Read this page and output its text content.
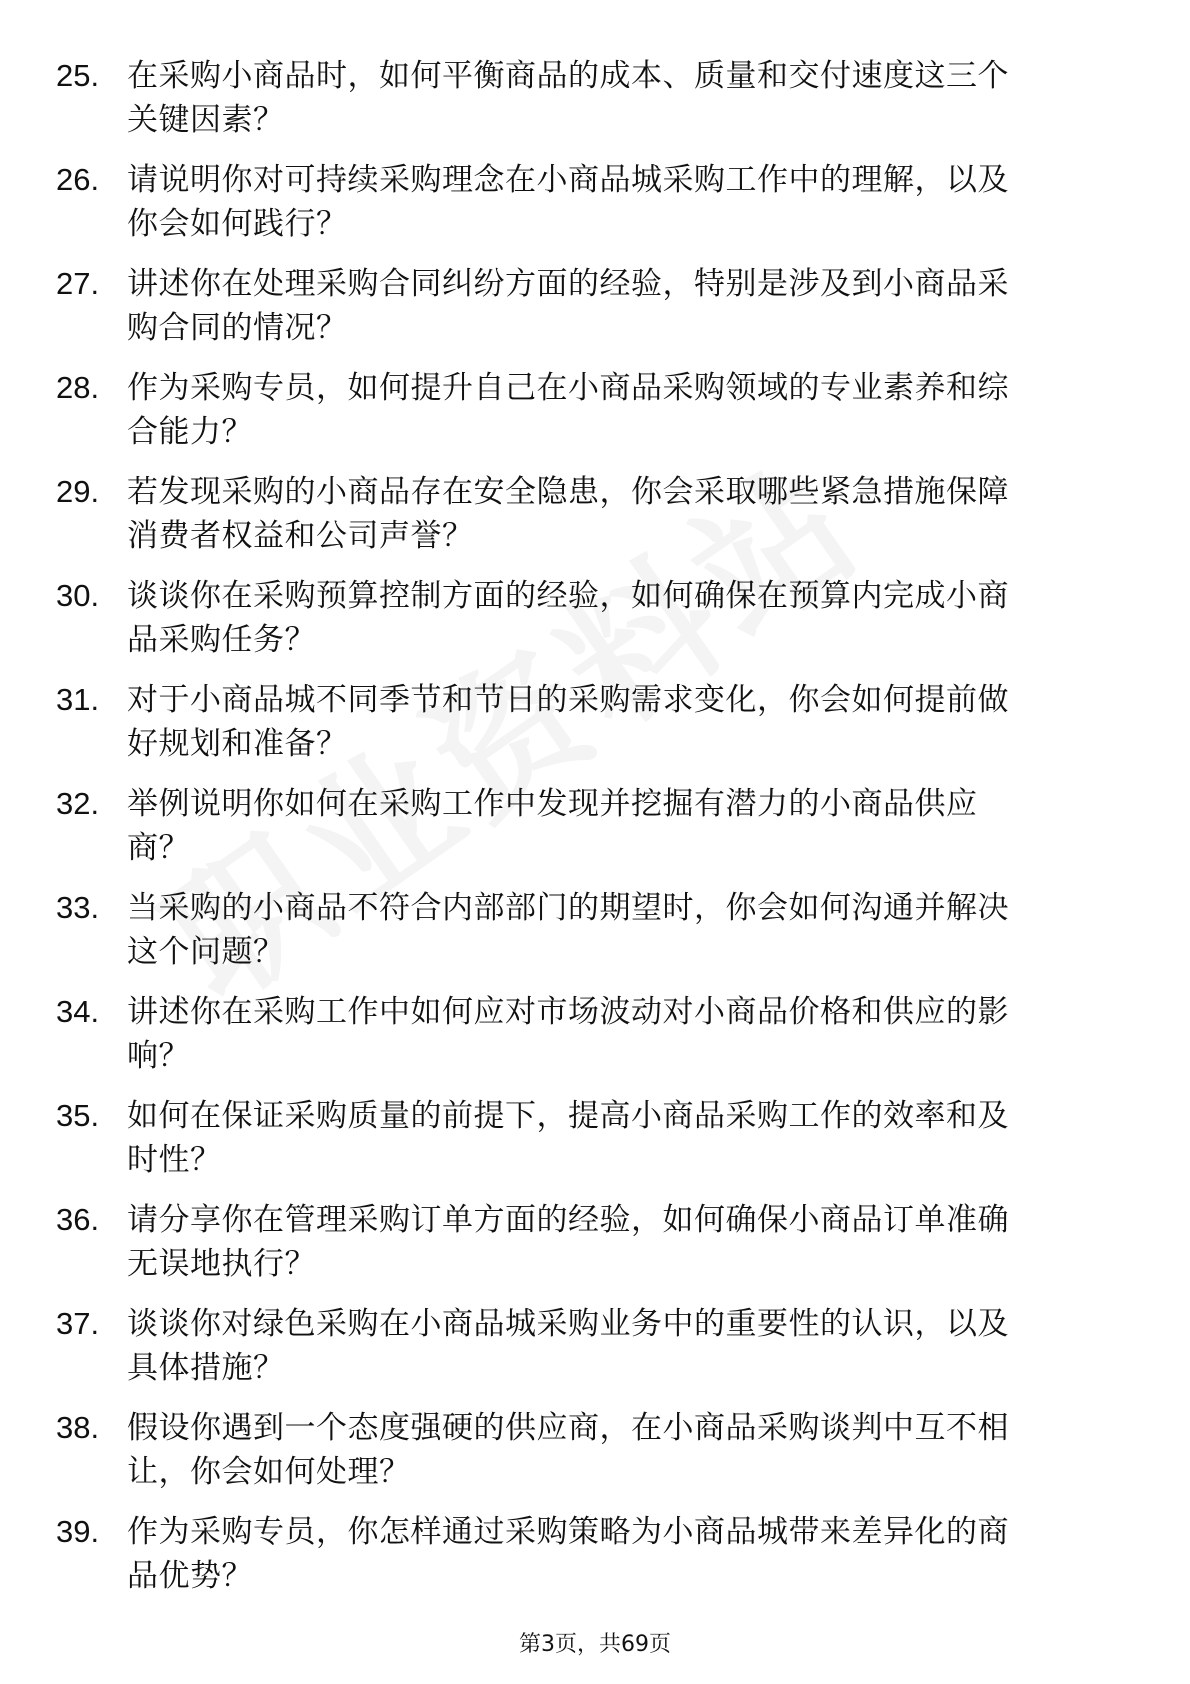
25. 在采购小商品时，如何平衡商品的成本、质量和交付速度这三个
关键因素？
26. 请说明你对可持续采购理念在小商品城采购工作中的理解，以及
你会如何践行？
27. 讲述你在处理采购合同纠纷方面的经验，特别是涉及到小商品采
购合同的情况？
28. 作为采购专员，如何提升自己在小商品采购领域的专业素养和综
合能力？
29. 若发现采购的小商品存在安全隐患，你会采取哪些紧急措施保障
消费者权益和公司声誉？
30. 谈谈你在采购预算控制方面的经验，如何确保在预算内完成小商
品采购任务？
31. 对于小商品城不同季节和节日的采购需求变化，你会如何提前做
好规划和准备？
32. 举例说明你如何在采购工作中发现并挖掘有潜力的小商品供应
商？
33. 当采购的小商品不符合内部部门的期望时，你会如何沟通并解决
这个问题？
34. 讲述你在采购工作中如何应对市场波动对小商品价格和供应的影
响？
35. 如何在保证采购质量的前提下，提高小商品采购工作的效率和及
时性？
36. 请分享你在管理采购订单方面的经验，如何确保小商品订单准确
无误地执行？
37. 谈谈你对绿色采购在小商品城采购业务中的重要性的认识，以及
具体措施？
38. 假设你遇到一个态度强硬的供应商，在小商品采购谈判中互不相
让，你会如何处理？
39. 作为采购专员，你怎样通过采购策略为小商品城带来差异化的商
品优势？
第3页，共69页
